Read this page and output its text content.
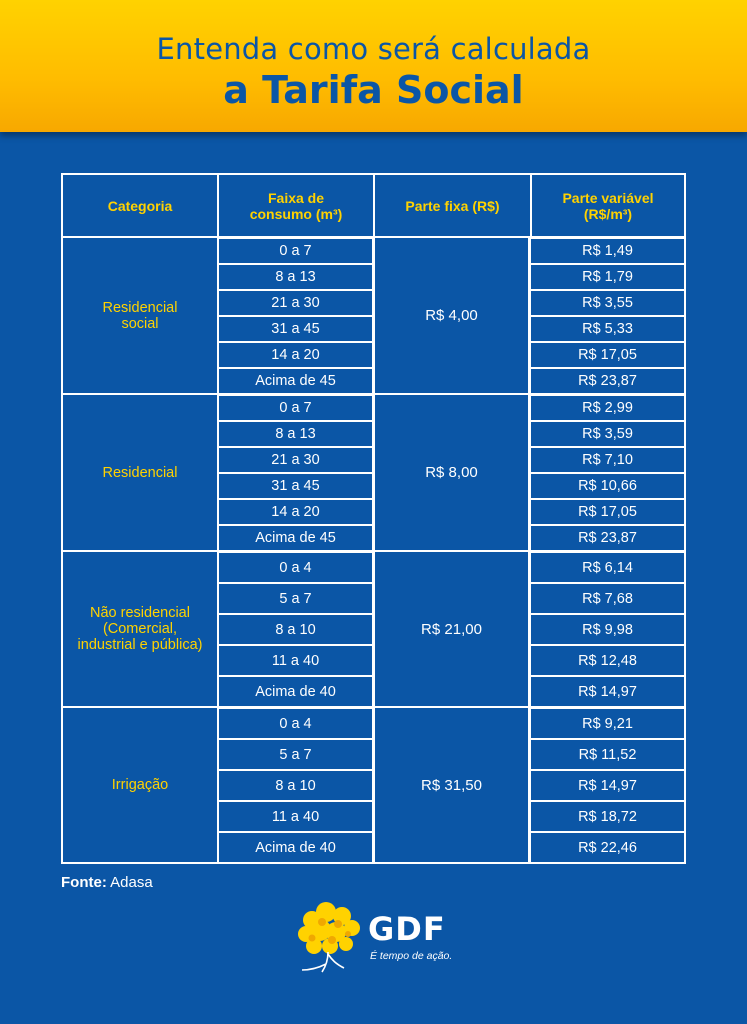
Entenda como será calculada
a Tarifa Social
Categoria	Faixa de consumo (m³)	Parte fixa (R$)	Parte variável (R$/m³)
Residencial social	0 a 7	R$ 4,00	R$ 1,49
	8 a 13		R$ 1,79
	21 a 30		R$ 3,55
	31 a 45		R$ 5,33
	14 a 20		R$ 17,05
	Acima de 45		R$ 23,87
Residencial	0 a 7	R$ 8,00	R$ 2,99
	8 a 13		R$ 3,59
	21 a 30		R$ 7,10
	31 a 45		R$ 10,66
	14 a 20		R$ 17,05
	Acima de 45		R$ 23,87
Não residencial (Comercial, industrial e pública)	0 a 4	R$ 21,00	R$ 6,14
	5 a 7		R$ 7,68
	8 a 10		R$ 9,98
	11 a 40		R$ 12,48
	Acima de 40		R$ 14,97
Irrigação	0 a 4	R$ 31,50	R$ 9,21
	5 a 7		R$ 11,52
	8 a 10		R$ 14,97
	11 a 40		R$ 18,72
	Acima de 40		R$ 22,46
Fonte: Adasa
GDF
É tempo de ação.
